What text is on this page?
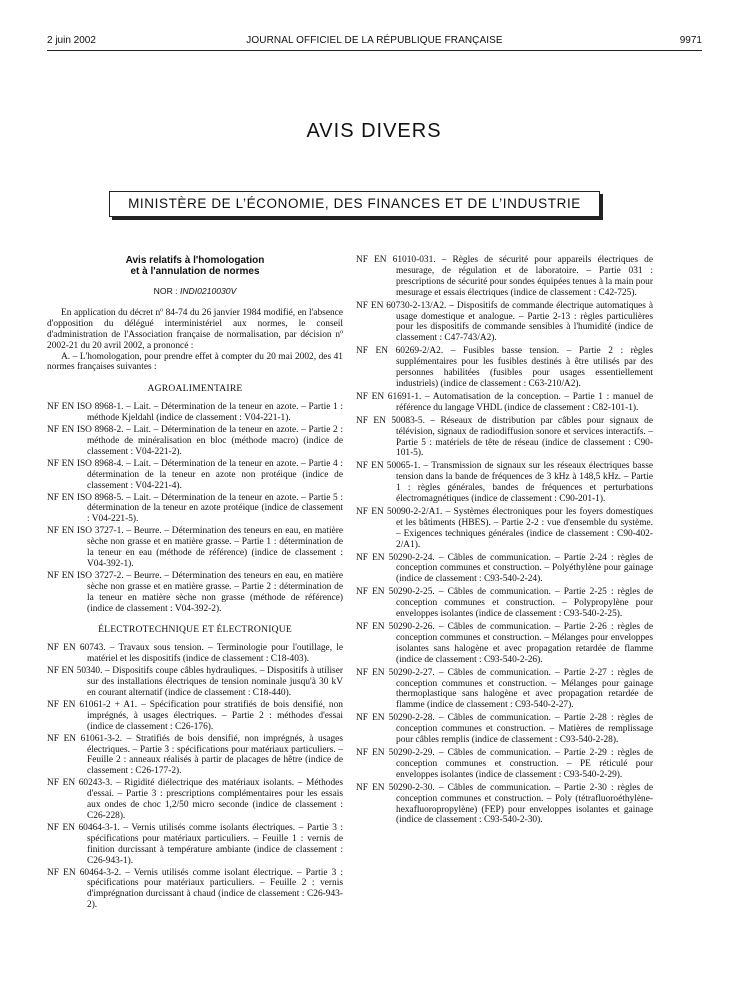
2 juin 2002	JOURNAL OFFICIEL DE LA RÉPUBLIQUE FRANÇAISE	9971
AVIS DIVERS
MINISTÈRE DE L’ÉCONOMIE, DES FINANCES ET DE L’INDUSTRIE
Avis relatifs à l'homologation
et à l'annulation de normes
NOR : INDI0210030V

En application du décret nº 84-74 du 26 janvier 1984 modifié, en l'absence d'opposition du délégué interministériel aux normes, le conseil d'administration de l'Association française de normalisation, par décision nº 2002-21 du 20 avril 2002, a prononcé :

A. – L'homologation, pour prendre effet à compter du 20 mai 2002, des 41 normes françaises suivantes :

AGROALIMENTAIRE

NF EN ISO 8968-1. – Lait. – Détermination de la teneur en azote. – Partie 1 : méthode Kjeldahl (indice de classement : V04-221-1).

NF EN ISO 8968-2. – Lait. – Détermination de la teneur en azote. – Partie 2 : méthode de minéralisation en bloc (méthode macro) (indice de classement : V04-221-2).

NF EN ISO 8968-4. – Lait. – Détermination de la teneur en azote. – Partie 4 : détermination de la teneur en azote non protéique (indice de classement : V04-221-4).

NF EN ISO 8968-5. – Lait. – Détermination de la teneur en azote. – Partie 5 : détermination de la teneur en azote protéique (indice de classement : V04-221-5).

NF EN ISO 3727-1. – Beurre. – Détermination des teneurs en eau, en matière sèche non grasse et en matière grasse. – Partie 1 : détermination de la teneur en eau (méthode de référence) (indice de classement : V04-392-1).

NF EN ISO 3727-2. – Beurre. – Détermination des teneurs en eau, en matière sèche non grasse et en matière grasse. – Partie 2 : détermination de la teneur en matière sèche non grasse (méthode de référence) (indice de classement : V04-392-2).

ÉLECTROTECHNIQUE ET ÉLECTRONIQUE

NF EN 60743. – Travaux sous tension. – Terminologie pour l'outillage, le matériel et les dispositifs (indice de classement : C18-403).

NF EN 50340. – Dispositifs coupe câbles hydrauliques. – Dispositifs à utiliser sur des installations électriques de tension nominale jusqu'à 30 kV en courant alternatif (indice de classement : C18-440).

NF EN 61061-2 + A1. – Spécification pour stratifiés de bois densifié, non imprégnés, à usages électriques. – Partie 2 : méthodes d'essai (indice de classement : C26-176).

NF EN 61061-3-2. – Stratifiés de bois densifié, non imprégnés, à usages électriques. – Partie 3 : spécifications pour matériaux particuliers. – Feuille 2 : anneaux réalisés à partir de placages de hêtre (indice de classement : C26-177-2).

NF EN 60243-3. – Rigidité diélectrique des matériaux isolants. – Méthodes d'essai. – Partie 3 : prescriptions complémentaires pour les essais aux ondes de choc 1,2/50 micro seconde (indice de classement : C26-228).

NF EN 60464-3-1. – Vernis utilisés comme isolants électriques. – Partie 3 : spécifications pour matériaux particuliers. – Feuille 1 : vernis de finition durcissant à température ambiante (indice de classement : C26-943-1).

NF EN 60464-3-2. – Vernis utilisés comme isolant électrique. – Partie 3 : spécifications pour matériaux particuliers. – Feuille 2 : vernis d'imprégnation durcissant à chaud (indice de classement : C26-943-2).

NF EN 61010-031. – Règles de sécurité pour appareils électriques de mesurage, de régulation et de laboratoire. – Partie 031 : prescriptions de sécurité pour sondes équipées tenues à la main pour mesurage et essais électriques (indice de classement : C42-725).

NF EN 60730-2-13/A2. – Dispositifs de commande électrique automatiques à usage domestique et analogue. – Partie 2-13 : règles particulières pour les dispositifs de commande sensibles à l'humidité (indice de classement : C47-743/A2).

NF EN 60269-2/A2. – Fusibles basse tension. – Partie 2 : règles supplémentaires pour les fusibles destinés à être utilisés par des personnes habilitées (fusibles pour usages essentiellement industriels) (indice de classement : C63-210/A2).

NF EN 61691-1. – Automatisation de la conception. – Partie 1 : manuel de référence du langage VHDL (indice de classement : C82-101-1).

NF EN 50083-5. – Réseaux de distribution par câbles pour signaux de télévision, signaux de radiodiffusion sonore et services interactifs. – Partie 5 : matériels de tête de réseau (indice de classement : C90-101-5).

NF EN 50065-1. – Transmission de signaux sur les réseaux électriques basse tension dans la bande de fréquences de 3 kHz à 148,5 kHz. – Partie 1 : règles générales, bandes de fréquences et perturbations électromagnétiques (indice de classement : C90-201-1).

NF EN 50090-2-2/A1. – Systèmes électroniques pour les foyers domestiques et les bâtiments (HBES). – Partie 2-2 : vue d'ensemble du système. – Exigences techniques générales (indice de classement : C90-402-2/A1).

NF EN 50290-2-24. – Câbles de communication. – Partie 2-24 : règles de conception communes et construction. – Polyéthylène pour gainage (indice de classement : C93-540-2-24).

NF EN 50290-2-25. – Câbles de communication. – Partie 2-25 : règles de conception communes et construction. – Polypropylène pour enveloppes isolantes (indice de classement : C93-540-2-25).

NF EN 50290-2-26. – Câbles de communication. – Partie 2-26 : règles de conception communes et construction. – Mélanges pour enveloppes isolantes sans halogène et avec propagation retardée de flamme (indice de classement : C93-540-2-26).

NF EN 50290-2-27. – Câbles de communication. – Partie 2-27 : règles de conception communes et construction. – Mélanges pour gainage thermoplastique sans halogène et avec propagation retardée de flamme (indice de classement : C93-540-2-27).

NF EN 50290-2-28. – Câbles de communication. – Partie 2-28 : règles de conception communes et construction. – Matières de remplissage pour câbles remplis (indice de classement : C93-540-2-28).

NF EN 50290-2-29. – Câbles de communication. – Partie 2-29 : règles de conception communes et construction. – PE réticulé pour enveloppes isolantes (indice de classement : C93-540-2-29).

NF EN 50290-2-30. – Câbles de communication. – Partie 2-30 : règles de conception communes et construction. – Poly (tétrafluoroéthylène-hexafluoropropylène) (FEP) pour enveloppes isolantes et gainage (indice de classement : C93-540-2-30).
